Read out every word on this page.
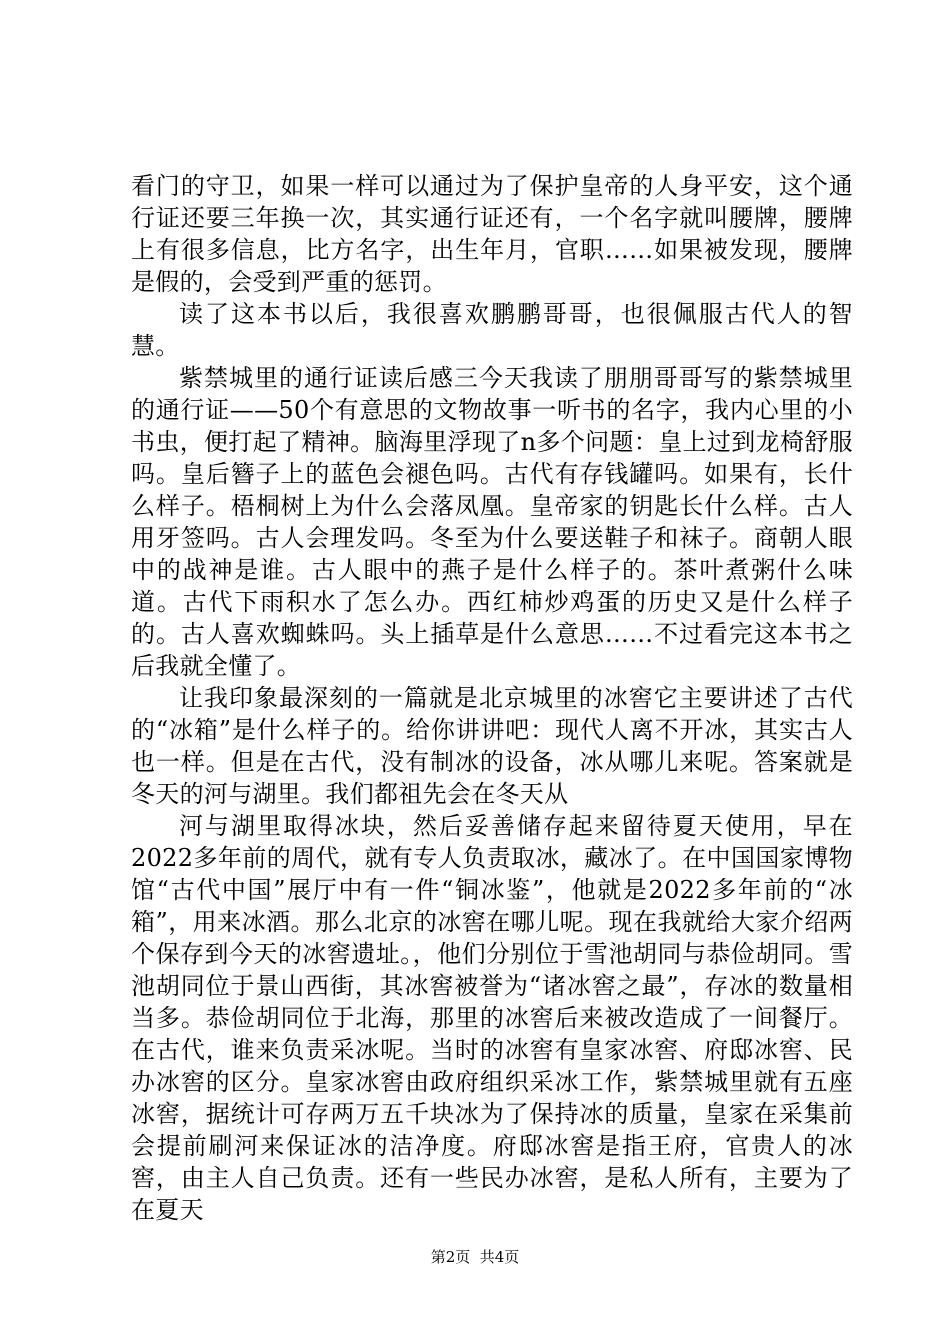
看门的守卫，如果一样可以通过为了保护皇帝的人身平安，这个通行证还要三年换一次，其实通行证还有，一个名字就叫腰牌，腰牌上有很多信息，比方名字，出生年月，官职……如果被发现，腰牌是假的，会受到严重的惩罚。

读了这本书以后，我很喜欢鹏鹏哥哥，也很佩服古代人的智慧。

紫禁城里的通行证读后感三今天我读了朋朋哥哥写的紫禁城里的通行证——50个有意思的文物故事一听书的名字，我内心里的小书虫，便打起了精神。脑海里浮现了n多个问题：皇上过到龙椅舒服吗。皇后簪子上的蓝色会褪色吗。古代有存钱罐吗。如果有，长什么样子。梧桐树上为什么会落凤凰。皇帝家的钥匙长什么样。古人用牙签吗。古人会理发吗。冬至为什么要送鞋子和袜子。商朝人眼中的战神是谁。古人眼中的燕子是什么样子的。茶叶煮粥什么味道。古代下雨积水了怎么办。西红柿炒鸡蛋的历史又是什么样子的。古人喜欢蜘蛛吗。头上插草是什么意思……不过看完这本书之后我就全懂了。

让我印象最深刻的一篇就是北京城里的冰窖它主要讲述了古代的“冰箱”是什么样子的。给你讲讲吧：现代人离不开冰，其实古人也一样。但是在古代，没有制冰的设备，冰从哪儿来呢。答案就是冬天的河与湖里。我们都祖先会在冬天从

河与湖里取得冰块，然后妥善储存起来留待夏天使用，早在2022多年前的周代，就有专人负责取冰，藏冰了。在中国国家博物馆“古代中国”展厅中有一件“铜冰鉴”，他就是2022多年前的“冰箱”，用来冰酒。那么北京的冰窖在哪儿呢。现在我就给大家介绍两个保存到今天的冰窖遗址。，他们分别位于雪池胡同与恭俭胡同。雪池胡同位于景山西街，其冰窖被誉为“诸冰窖之最”，存冰的数量相当多。恭俭胡同位于北海，那里的冰窖后来被改造成了一间餐厅。在古代，谁来负责采冰呢。当时的冰窖有皇家冰窖、府邸冰窖、民办冰窖的区分。皇家冰窖由政府组织采冰工作，紫禁城里就有五座冰窖，据统计可存两万五千块冰为了保持冰的质量，皇家在采集前会提前刷河来保证冰的洁净度。府邸冰窖是指王府，官贵人的冰窖，由主人自己负责。还有一些民办冰窖，是私人所有，主要为了在夏天

第2页  共4页
